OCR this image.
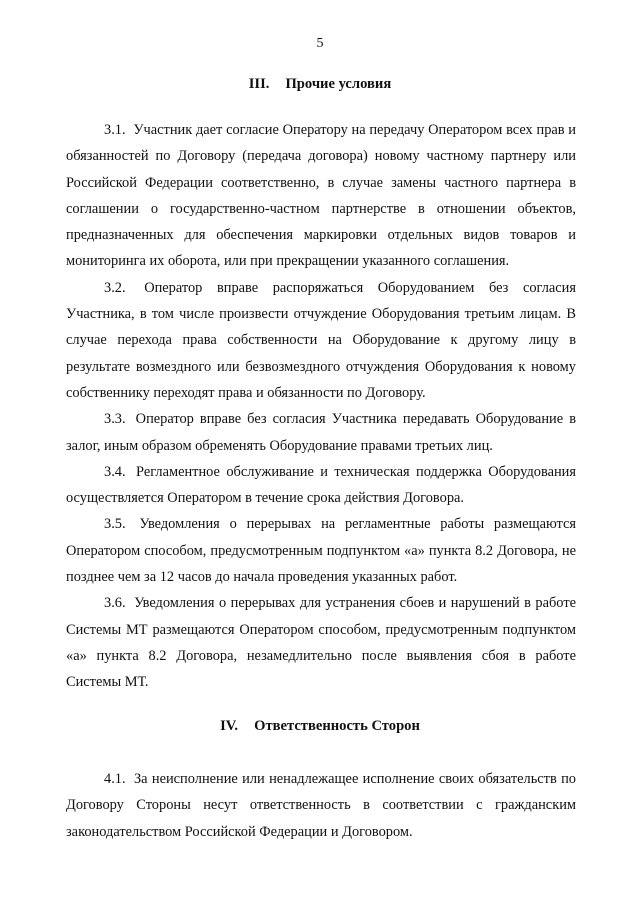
5
III. Прочие условия

3.1. Участник дает согласие Оператору на передачу Оператором всех прав и обязанностей по Договору (передача договора) новому частному партнеру или Российской Федерации соответственно, в случае замены частного партнера в соглашении о государственно-частном партнерстве в отношении объектов, предназначенных для обеспечения маркировки отдельных видов товаров и мониторинга их оборота, или при прекращении указанного соглашения.

3.2. Оператор вправе распоряжаться Оборудованием без согласия Участника, в том числе произвести отчуждение Оборудования третьим лицам. В случае перехода права собственности на Оборудование к другому лицу в результате возмездного или безвозмездного отчуждения Оборудования к новому собственнику переходят права и обязанности по Договору.

3.3. Оператор вправе без согласия Участника передавать Оборудование в залог, иным образом обременять Оборудование правами третьих лиц.

3.4. Регламентное обслуживание и техническая поддержка Оборудования осуществляется Оператором в течение срока действия Договора.

3.5. Уведомления о перерывах на регламентные работы размещаются Оператором способом, предусмотренным подпунктом «а» пункта 8.2 Договора, не позднее чем за 12 часов до начала проведения указанных работ.

3.6. Уведомления о перерывах для устранения сбоев и нарушений в работе Системы МТ размещаются Оператором способом, предусмотренным подпунктом «а» пункта 8.2 Договора, незамедлительно после выявления сбоя в работе Системы МТ.

IV. Ответственность Сторон

4.1. За неисполнение или ненадлежащее исполнение своих обязательств по Договору Стороны несут ответственность в соответствии с гражданским законодательством Российской Федерации и Договором.
